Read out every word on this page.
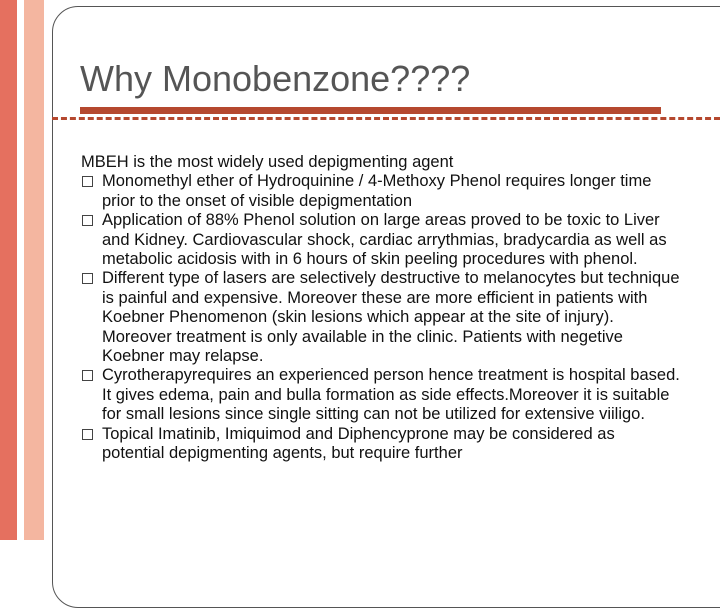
Why Monobenzone????
MBEH is the most widely used depigmenting agent
Monomethyl ether of Hydroquinine / 4-Methoxy Phenol requires longer time prior to the onset of visible depigmentation
Application of 88% Phenol solution on large areas proved to be toxic to Liver and Kidney. Cardiovascular shock, cardiac arrythmias, bradycardia as well as metabolic acidosis with in 6 hours of skin peeling procedures with phenol.
Different type of lasers are selectively destructive to melanocytes but technique is painful and expensive. Moreover these are more efficient in patients with Koebner Phenomenon (skin lesions which appear at the site of injury). Moreover treatment is only available in the clinic. Patients with negetive Koebner may relapse.
Cyrotherapyrequires an experienced person hence treatment is hospital based. It gives edema, pain and bulla formation as side effects.Moreover it is suitable for small lesions since single sitting can not be utilized for extensive viiligo.
Topical Imatinib, Imiquimod and Diphencyprone may be considered as potential depigmenting agents, but require further
